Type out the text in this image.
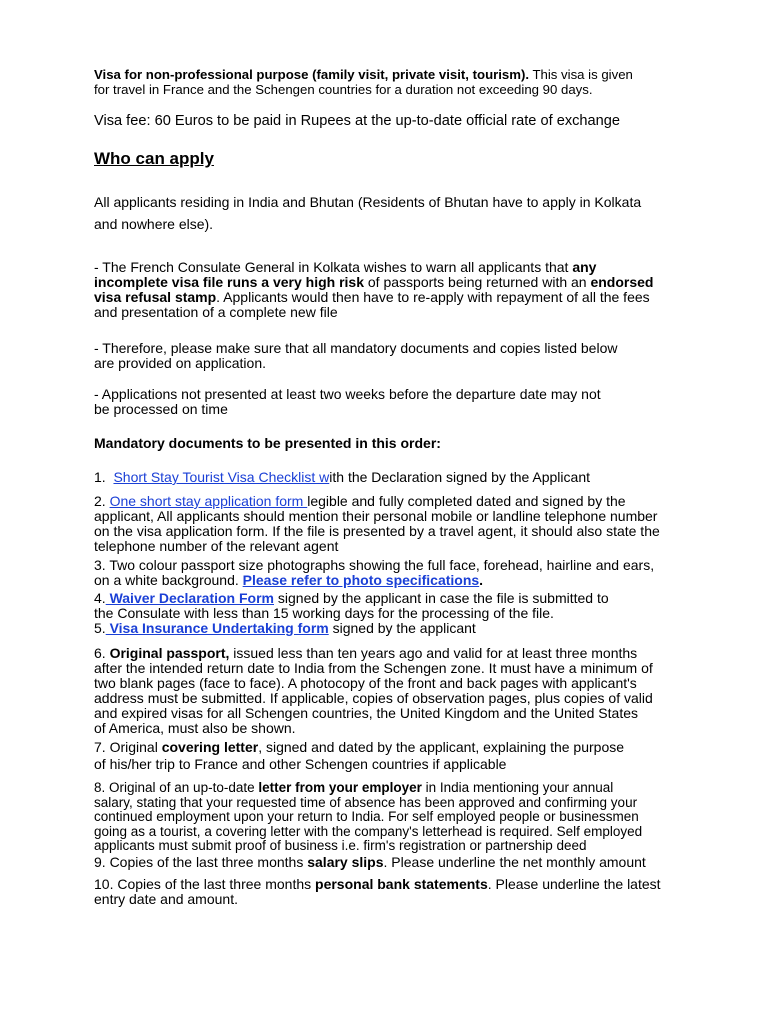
Visa for non-professional purpose (family visit, private visit, tourism). This visa is given
for travel in France and the Schengen countries for a duration not exceeding 90 days.
Visa fee: 60 Euros to be paid in Rupees at the up-to-date official rate of exchange
Who can apply
All applicants residing in India and Bhutan (Residents of Bhutan have to apply in Kolkata
and nowhere else).
- The French Consulate General in Kolkata wishes to warn all applicants that any
incomplete visa file runs a very high risk of passports being returned with an endorsed
visa refusal stamp. Applicants would then have to re-apply with repayment of all the fees
and presentation of a complete new file
- Therefore, please make sure that all mandatory documents and copies listed below
are provided on application.
- Applications not presented at least two weeks before the departure date may not
be processed on time
Mandatory documents to be presented in this order:
1. Short Stay Tourist Visa Checklist with the Declaration signed by the Applicant
2. One short stay application form legible and fully completed dated and signed by the
applicant, All applicants should mention their personal mobile or landline telephone number
on the visa application form. If the file is presented by a travel agent, it should also state the
telephone number of the relevant agent
3. Two colour passport size photographs showing the full face, forehead, hairline and ears,
on a white background. Please refer to photo specifications.
4. Waiver Declaration Form signed by the applicant in case the file is submitted to
the Consulate with less than 15 working days for the processing of the file.
5. Visa Insurance Undertaking form signed by the applicant
6. Original passport, issued less than ten years ago and valid for at least three months
after the intended return date to India from the Schengen zone. It must have a minimum of
two blank pages (face to face). A photocopy of the front and back pages with applicant's
address must be submitted. If applicable, copies of observation pages, plus copies of valid
and expired visas for all Schengen countries, the United Kingdom and the United States
of America, must also be shown.
7. Original covering letter, signed and dated by the applicant, explaining the purpose
of his/her trip to France and other Schengen countries if applicable
8. Original of an up-to-date letter from your employer in India mentioning your annual
salary, stating that your requested time of absence has been approved and confirming your
continued employment upon your return to India. For self employed people or businessmen
going as a tourist, a covering letter with the company's letterhead is required. Self employed
applicants must submit proof of business i.e. firm's registration or partnership deed
9. Copies of the last three months salary slips. Please underline the net monthly amount
10. Copies of the last three months personal bank statements. Please underline the latest
entry date and amount.
